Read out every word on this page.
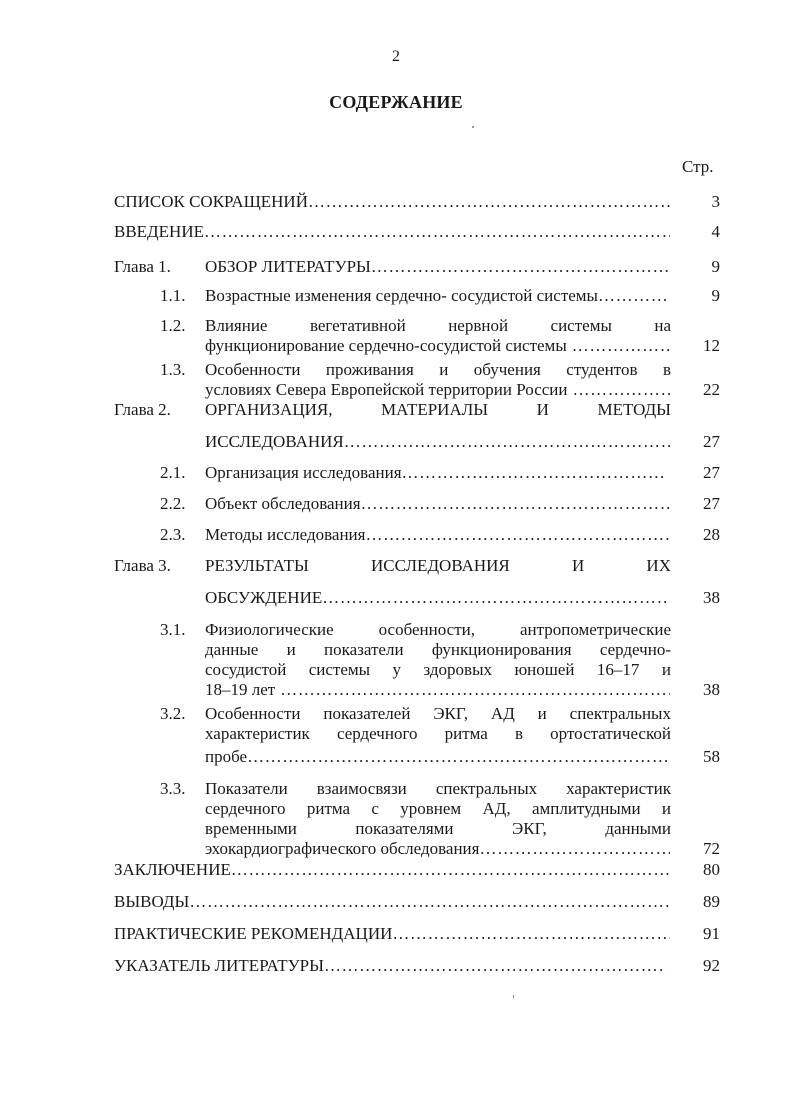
2
СОДЕРЖАНИЕ
Стр.
СПИСОК СОКРАЩЕНИЙ ……………………………………………………………………………………………………………………	3
ВВЕДЕНИЕ ……………………………………………………………………………………………………………………	4
Глава 1. ОБЗОР ЛИТЕРАТУРЫ ……………………………………………………………………………………………………………………	9
1.1. Возрастные изменения сердечно- сосудистой системы ……………………………………………………………………………………………………………………	9
1.2. Влияние вегетативной нервной системы на
функционирование сердечно-сосудистой системы ……………………………………………………………………………………………………………………	12
1.3. Особенности проживания и обучения студентов в
условиях Севера Европейской территории России ……………………………………………………………………………………………………………………	22
Глава 2. ОРГАНИЗАЦИЯ,	МАТЕРИАЛЫ	И	МЕТОДЫ
ИССЛЕДОВАНИЯ ……………………………………………………………………………………………………………………	27
2.1. Организация исследования ……………………………………………………………………………………………………………………	27
2.2. Объект обследования ……………………………………………………………………………………………………………………	27
2.3. Методы исследования ……………………………………………………………………………………………………………………	28
Глава 3. РЕЗУЛЬТАТЫ	ИССЛЕДОВАНИЯ	И	ИХ
ОБСУЖДЕНИЕ ……………………………………………………………………………………………………………………	38
3.1. Физиологические	особенности,	антропометрические
данные и показатели функционирования сердечно-
сосудистой системы у здоровых юношей 16–17 и
18–19 лет ……………………………………………………………………………………………………………………	38
3.2. Особенности показателей ЭКГ, АД и спектральных
характеристик сердечного ритма в ортостатической
пробе ……………………………………………………………………………………………………………………	58
3.3. Показатели взаимосвязи спектральных характеристик
сердечного ритма с уровнем АД, амплитудными и
временными	показателями	ЭКГ,	данными
эхокардиографического обследования ……………………………………………………………………………………………………………………	72
ЗАКЛЮЧЕНИЕ ……………………………………………………………………………………………………………………	80
ВЫВОДЫ ……………………………………………………………………………………………………………………	89
ПРАКТИЧЕСКИЕ РЕКОМЕНДАЦИИ ……………………………………………………………………………………………………………………	91
УКАЗАТЕЛЬ ЛИТЕРАТУРЫ ……………………………………………………………………………………………………………………	92
